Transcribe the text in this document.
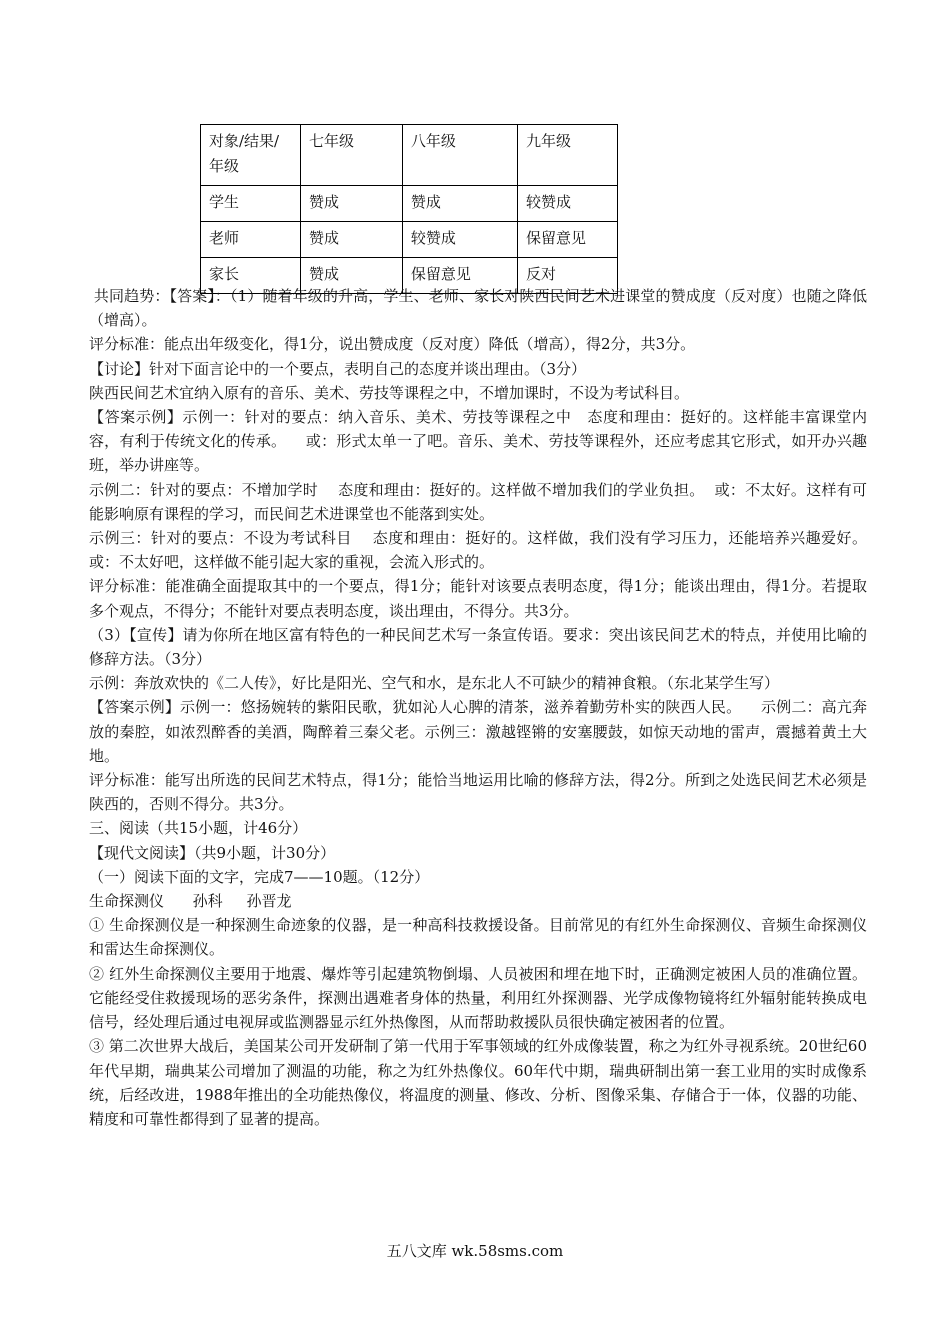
对象/结果/年级	七年级	八年级	九年级
学生	赞成	赞成	较赞成
老师	赞成	较赞成	保留意见
家长	赞成	保留意见	反对

共同趋势：【答案】：（1）随着年级的升高，学生、老师、家长对陕西民间艺术进课堂的赞成度（反对度）也随之降低（增高）。

评分标准：能点出年级变化，得1分，说出赞成度（反对度）降低（增高），得2分，共3分。

【讨论】针对下面言论中的一个要点，表明自己的态度并谈出理由。（3分）

陕西民间艺术宜纳入原有的音乐、美术、劳技等课程之中，不增加课时，不设为考试科目。

【答案示例】示例一：针对的要点：纳入音乐、美术、劳技等课程之中   态度和理由：挺好的。这样能丰富课堂内容，有利于传统文化的传承。    或：形式太单一了吧。音乐、美术、劳技等课程外，还应考虑其它形式，如开办兴趣班，举办讲座等。

示例二：针对的要点：不增加学时    态度和理由：挺好的。这样做不增加我们的学业负担。  或：不太好。这样有可能影响原有课程的学习，而民间艺术进课堂也不能落到实处。

示例三：针对的要点：不设为考试科目    态度和理由：挺好的。这样做，我们没有学习压力，还能培养兴趣爱好。  或：不太好吧，这样做不能引起大家的重视，会流入形式的。

评分标准：能准确全面提取其中的一个要点，得1分；能针对该要点表明态度，得1分；能谈出理由，得1分。若提取多个观点，不得分；不能针对要点表明态度，谈出理由，不得分。共3分。

（3）【宣传】请为你所在地区富有特色的一种民间艺术写一条宣传语。要求：突出该民间艺术的特点，并使用比喻的修辞方法。（3分）

示例：奔放欢快的《二人传》，好比是阳光、空气和水，是东北人不可缺少的精神食粮。（东北某学生写）

【答案示例】示例一：悠扬婉转的紫阳民歌，犹如沁人心脾的清茶，滋养着勤劳朴实的陕西人民。    示例二：高亢奔放的秦腔，如浓烈醉香的美酒，陶醉着三秦父老。示例三：激越铿锵的安塞腰鼓，如惊天动地的雷声，震撼着黄土大地。

评分标准：能写出所选的民间艺术特点，得1分；能恰当地运用比喻的修辞方法，得2分。所到之处选民间艺术必须是陕西的，否则不得分。共3分。

三、阅读（共15小题，计46分）

【现代文阅读】（共9小题，计30分）

（一）阅读下面的文字，完成7——10题。（12分）

生命探测仪      孙科     孙晋龙

① 生命探测仪是一种探测生命迹象的仪器，是一种高科技救援设备。目前常见的有红外生命探测仪、音频生命探测仪和雷达生命探测仪。

② 红外生命探测仪主要用于地震、爆炸等引起建筑物倒塌、人员被困和埋在地下时，正确测定被困人员的准确位置。它能经受住救援现场的恶劣条件，探测出遇难者身体的热量，利用红外探测器、光学成像物镜将红外辐射能转换成电信号，经处理后通过电视屏或监测器显示红外热像图，从而帮助救援队员很快确定被困者的位置。

③ 第二次世界大战后，美国某公司开发研制了第一代用于军事领域的红外成像装置，称之为红外寻视系统。20世纪60年代早期，瑞典某公司增加了测温的功能，称之为红外热像仪。60年代中期，瑞典研制出第一套工业用的实时成像系统，后经改进，1988年推出的全功能热像仪，将温度的测量、修改、分析、图像采集、存储合于一体，仪器的功能、精度和可靠性都得到了显著的提高。

五八文库 wk.58sms.com
